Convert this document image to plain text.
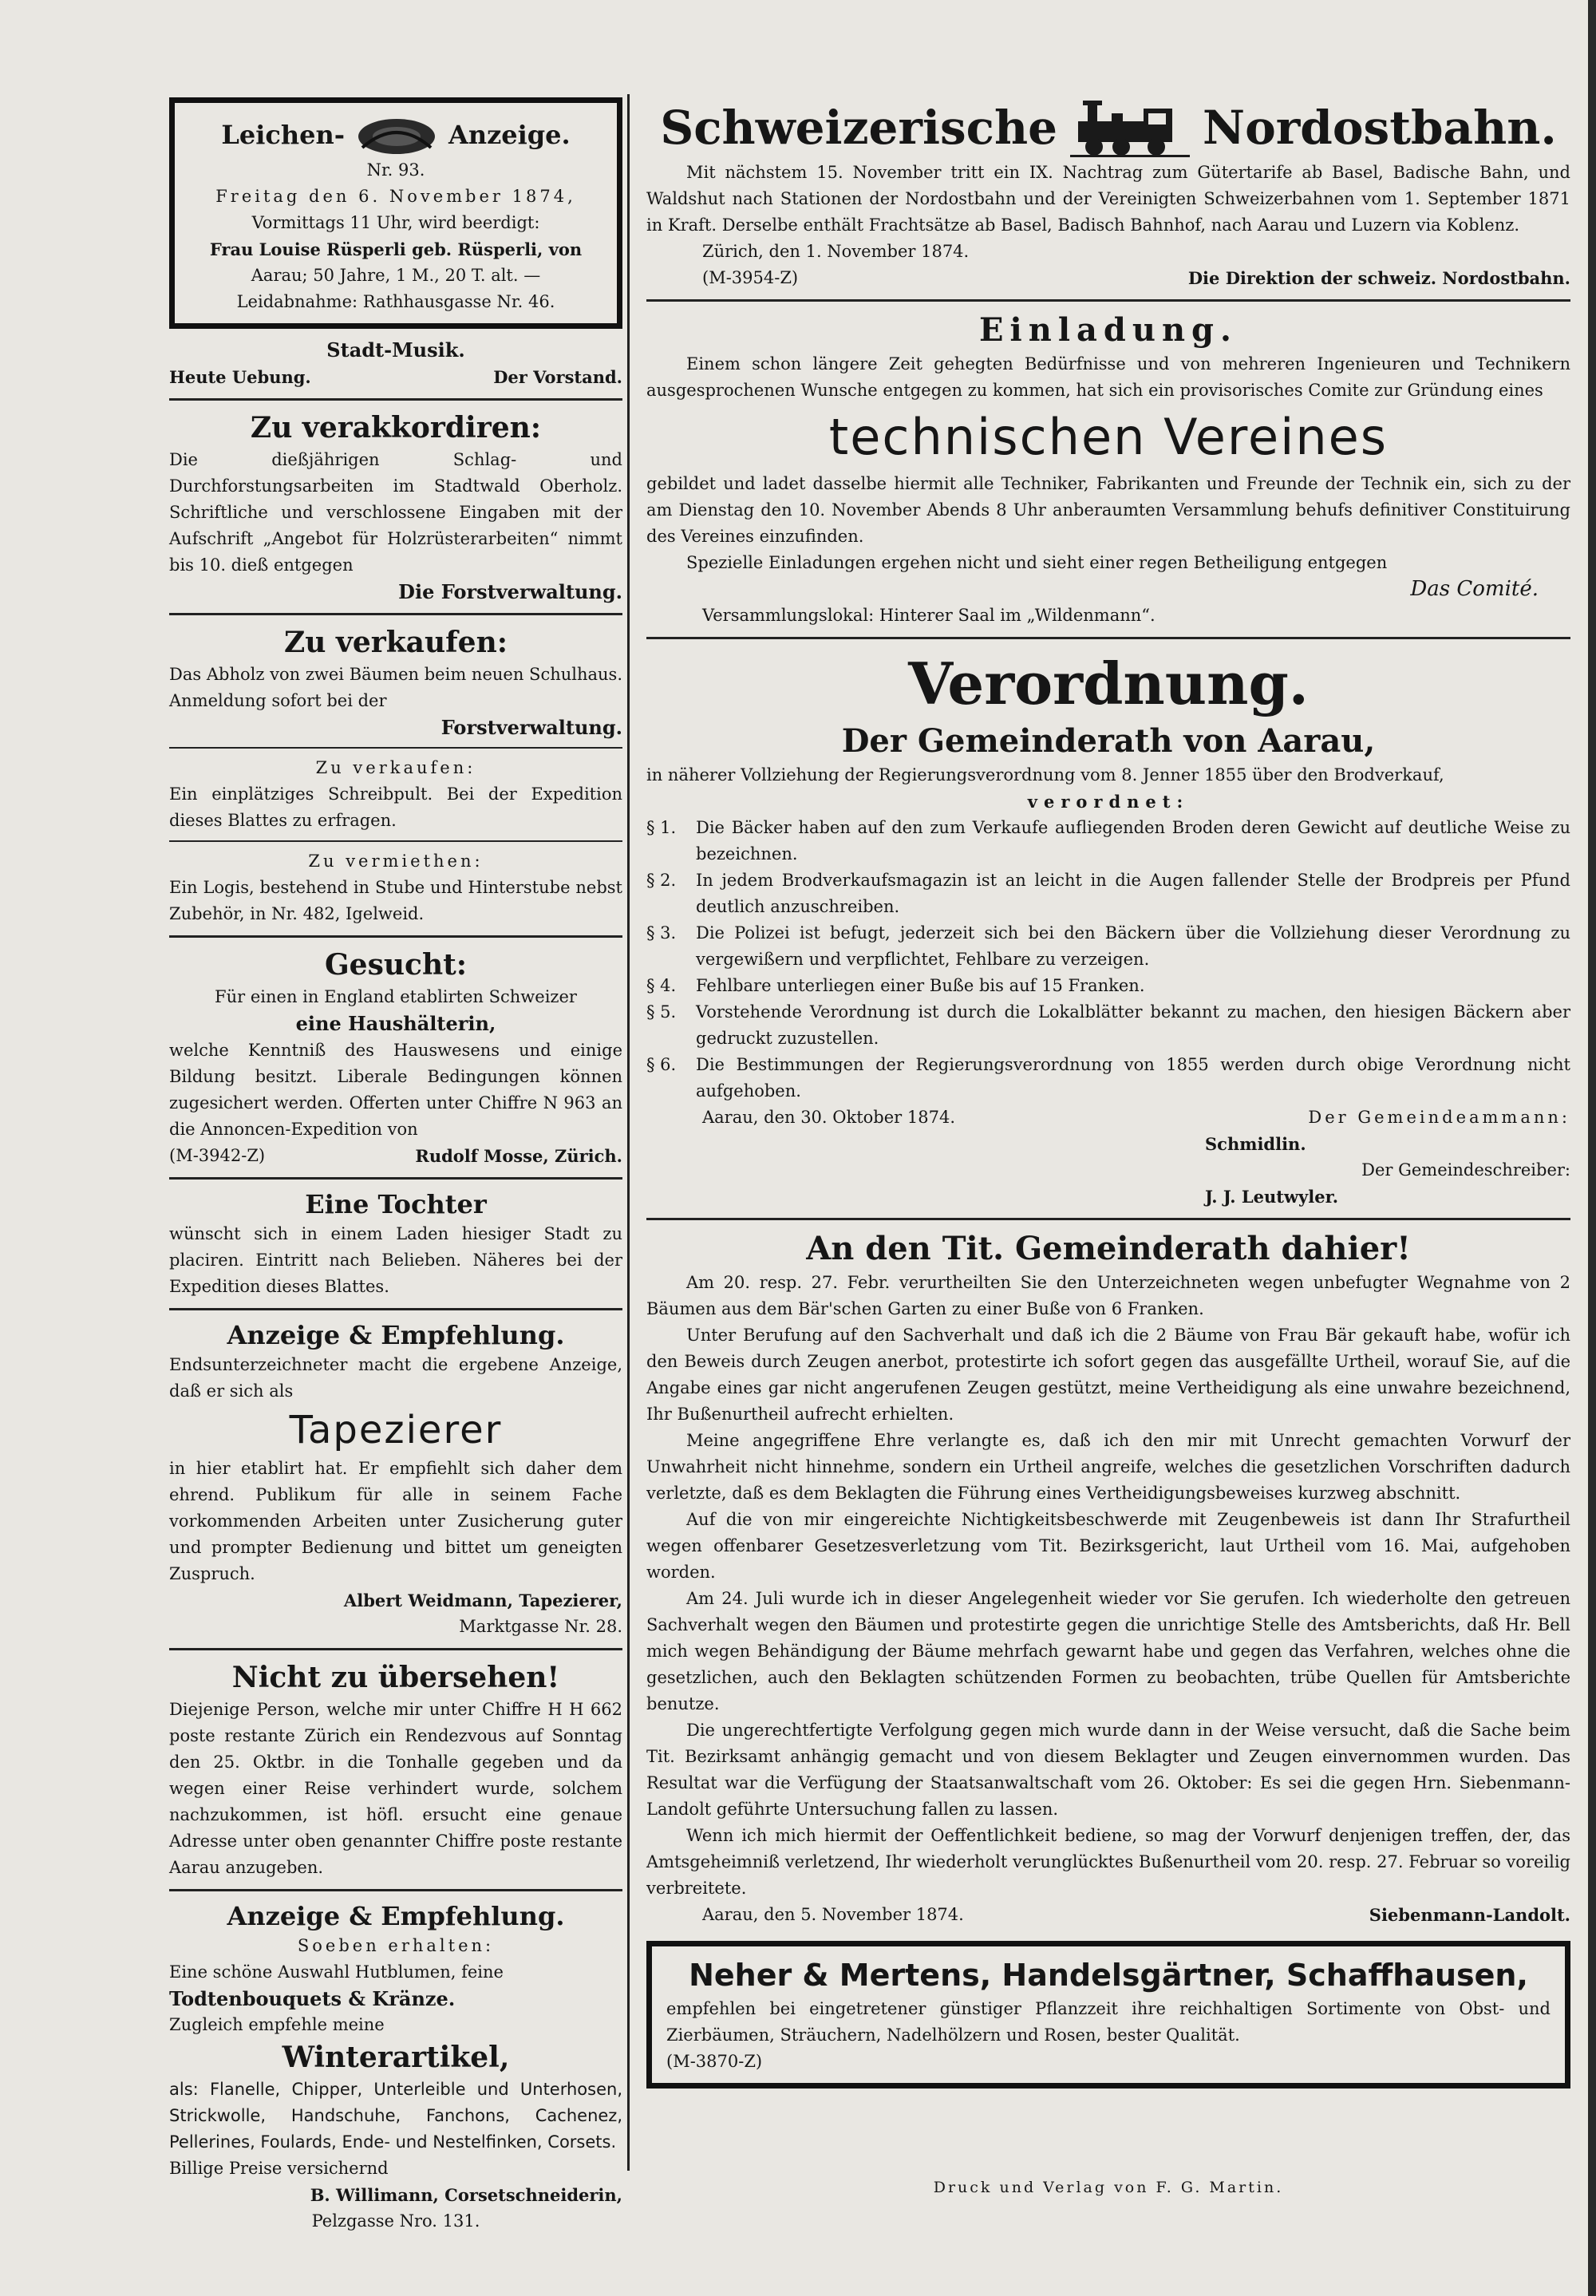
Leichen-	Anzeige.

Nr. 93.

Freitag den 6. November 1874,

Vormittags 11 Uhr, wird beerdigt:

Frau Louise Rüsperli geb. Rüsperli, von

Aarau; 50 Jahre, 1 M., 20 T. alt. —

Leidabnahme: Rathhausgasse Nr. 46.

Stadt-Musik.

Heute Uebung.	Der Vorstand.

Zu verakkordiren:

Die dießjährigen Schlag- und Durchforstungsarbeiten im Stadtwald Oberholz. Schriftliche und verschlossene Eingaben mit der Aufschrift „Angebot für Holzrüsterarbeiten“ nimmt bis 10. dieß entgegen

Die Forstverwaltung.

Zu verkaufen:

Das Abholz von zwei Bäumen beim neuen Schulhaus. Anmeldung sofort bei der

Forstverwaltung.

Zu verkaufen:

Ein einplätziges Schreibpult. Bei der Expedition dieses Blattes zu erfragen.

Zu vermiethen:

Ein Logis, bestehend in Stube und Hinterstube nebst Zubehör, in Nr. 482, Igelweid.

Gesucht:

Für einen in England etablirten Schweizer

eine Haushälterin,

welche Kenntniß des Hauswesens und einige Bildung besitzt. Liberale Bedingungen können zugesichert werden. Offerten unter Chiffre N 963 an die Annoncen-Expedition von

(M-3942-Z)	Rudolf Mosse, Zürich.

Eine Tochter

wünscht sich in einem Laden hiesiger Stadt zu placiren. Eintritt nach Belieben. Näheres bei der Expedition dieses Blattes.

Anzeige & Empfehlung.

Endsunterzeichneter macht die ergebene Anzeige, daß er sich als

Tapezierer

in hier etablirt hat. Er empfiehlt sich daher dem ehrend. Publikum für alle in seinem Fache vorkommenden Arbeiten unter Zusicherung guter und prompter Bedienung und bittet um geneigten Zuspruch.

Albert Weidmann, Tapezierer,

Marktgasse Nr. 28.

Nicht zu übersehen!

Diejenige Person, welche mir unter Chiffre H H 662 poste restante Zürich ein Rendezvous auf Sonntag den 25. Oktbr. in die Tonhalle gegeben und da wegen einer Reise verhindert wurde, solchem nachzukommen, ist höfl. ersucht eine genaue Adresse unter oben genannter Chiffre poste restante Aarau anzugeben.

Anzeige & Empfehlung.

Soeben erhalten:

Eine schöne Auswahl Hutblumen, feine

Todtenbouquets & Kränze.

Zugleich empfehle meine

Winterartikel,

als: Flanelle, Chipper, Unterleible und Unterhosen, Strickwolle, Handschuhe, Fanchons, Cachenez, Pellerines, Foulards, Ende- und Nestelfinken, Corsets.

Billige Preise versichernd

B. Willimann, Corsetschneiderin,

Pelzgasse Nro. 131.

Schweizerische	Nordostbahn.

Mit nächstem 15. November tritt ein IX. Nachtrag zum Gütertarife ab Basel, Badische Bahn, und Waldshut nach Stationen der Nordostbahn und der Vereinigten Schweizerbahnen vom 1. September 1871 in Kraft. Derselbe enthält Frachtsätze ab Basel, Badisch Bahnhof, nach Aarau und Luzern via Koblenz.

Zürich, den 1. November 1874.

(M-3954-Z)	Die Direktion der schweiz. Nordostbahn.

Einladung.

Einem schon längere Zeit gehegten Bedürfnisse und von mehreren Ingenieuren und Technikern ausgesprochenen Wunsche entgegen zu kommen, hat sich ein provisorisches Comite zur Gründung eines

technischen Vereines

gebildet und ladet dasselbe hiermit alle Techniker, Fabrikanten und Freunde der Technik ein, sich zu der am Dienstag den 10. November Abends 8 Uhr anberaumten Versammlung behufs definitiver Constituirung des Vereines einzufinden.

Spezielle Einladungen ergehen nicht und sieht einer regen Betheiligung entgegen

Das Comité.

Versammlungslokal: Hinterer Saal im „Wildenmann“.

Verordnung.

Der Gemeinderath von Aarau,

in näherer Vollziehung der Regierungsverordnung vom 8. Jenner 1855 über den Brodverkauf,

verordnet:

§ 1.	Die Bäcker haben auf den zum Verkaufe aufliegenden Broden deren Gewicht auf deutliche Weise zu bezeichnen.
§ 2.	In jedem Brodverkaufsmagazin ist an leicht in die Augen fallender Stelle der Brodpreis per Pfund deutlich anzuschreiben.
§ 3.	Die Polizei ist befugt, jederzeit sich bei den Bäckern über die Vollziehung dieser Verordnung zu vergewißern und verpflichtet, Fehlbare zu verzeigen.
§ 4.	Fehlbare unterliegen einer Buße bis auf 15 Franken.
§ 5.	Vorstehende Verordnung ist durch die Lokalblätter bekannt zu machen, den hiesigen Bäckern aber gedruckt zuzustellen.
§ 6.	Die Bestimmungen der Regierungsverordnung von 1855 werden durch obige Verordnung nicht aufgehoben.
Aarau, den 30. Oktober 1874.	Der Gemeindeammann:

Schmidlin.

Der Gemeindeschreiber:

J. J. Leutwyler.

An den Tit. Gemeinderath dahier!

Am 20. resp. 27. Febr. verurtheilten Sie den Unterzeichneten wegen unbefugter Wegnahme von 2 Bäumen aus dem Bär'schen Garten zu einer Buße von 6 Franken.

Unter Berufung auf den Sachverhalt und daß ich die 2 Bäume von Frau Bär gekauft habe, wofür ich den Beweis durch Zeugen anerbot, protestirte ich sofort gegen das ausgefällte Urtheil, worauf Sie, auf die Angabe eines gar nicht angerufenen Zeugen gestützt, meine Vertheidigung als eine unwahre bezeichnend, Ihr Bußenurtheil aufrecht erhielten.

Meine angegriffene Ehre verlangte es, daß ich den mir mit Unrecht gemachten Vorwurf der Unwahrheit nicht hinnehme, sondern ein Urtheil angreife, welches die gesetzlichen Vorschriften dadurch verletzte, daß es dem Beklagten die Führung eines Vertheidigungsbeweises kurzweg abschnitt.

Auf die von mir eingereichte Nichtigkeitsbeschwerde mit Zeugenbeweis ist dann Ihr Strafurtheil wegen offenbarer Gesetzesverletzung vom Tit. Bezirksgericht, laut Urtheil vom 16. Mai, aufgehoben worden.

Am 24. Juli wurde ich in dieser Angelegenheit wieder vor Sie gerufen. Ich wiederholte den getreuen Sachverhalt wegen den Bäumen und protestirte gegen die unrichtige Stelle des Amtsberichts, daß Hr. Bell mich wegen Behändigung der Bäume mehrfach gewarnt habe und gegen das Verfahren, welches ohne die gesetzlichen, auch den Beklagten schützenden Formen zu beobachten, trübe Quellen für Amtsberichte benutze.

Die ungerechtfertigte Verfolgung gegen mich wurde dann in der Weise versucht, daß die Sache beim Tit. Bezirksamt anhängig gemacht und von diesem Beklagter und Zeugen einvernommen wurden. Das Resultat war die Verfügung der Staatsanwaltschaft vom 26. Oktober: Es sei die gegen Hrn. Siebenmann-Landolt geführte Untersuchung fallen zu lassen.

Wenn ich mich hiermit der Oeffentlichkeit bediene, so mag der Vorwurf denjenigen treffen, der, das Amtsgeheimniß verletzend, Ihr wiederholt verunglücktes Bußenurtheil vom 20. resp. 27. Februar so voreilig verbreitete.

Aarau, den 5. November 1874.	Siebenmann-Landolt.

Neher & Mertens, Handelsgärtner, Schaffhausen,

empfehlen bei eingetretener günstiger Pflanzzeit ihre reichhaltigen Sortimente von Obst- und Zierbäumen, Sträuchern, Nadelhölzern und Rosen, bester Qualität.

(M-3870-Z)

Druck und Verlag von F. G. Martin.
